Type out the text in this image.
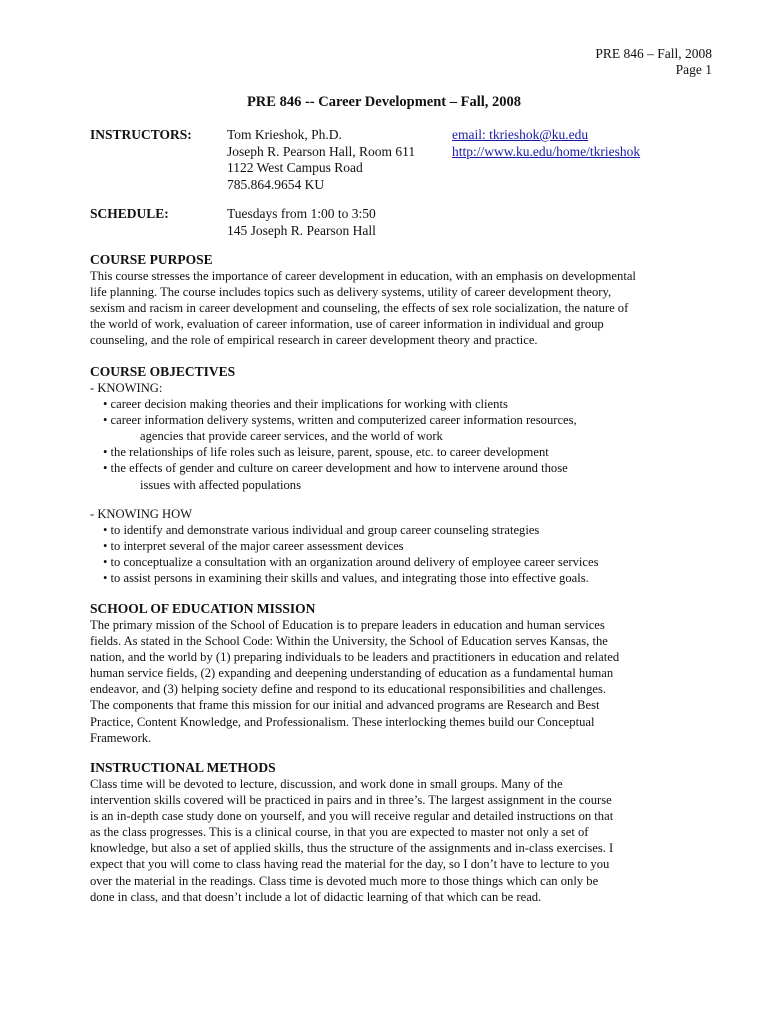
PRE 846 – Fall, 2008
Page 1
PRE 846 -- Career Development – Fall, 2008
INSTRUCTORS:	Tom Krieshok, Ph.D.
Joseph R. Pearson Hall, Room 611
1122 West Campus Road
785.864.9654 KU
email: tkrieshok@ku.edu
http://www.ku.edu/home/tkrieshok
SCHEDULE:	Tuesdays from 1:00 to 3:50
145 Joseph R. Pearson Hall
COURSE PURPOSE
This course stresses the importance of career development in education, with an emphasis on developmental
life planning. The course includes topics such as delivery systems, utility of career development theory,
sexism and racism in career development and counseling, the effects of sex role socialization, the nature of
the world of work, evaluation of career information, use of career information in individual and group
counseling, and the role of empirical research in career development theory and practice.
COURSE OBJECTIVES
- KNOWING:
• career decision making theories and their implications for working with clients
• career information delivery systems, written and computerized career information resources,
agencies that provide career services, and the world of work
• the relationships of life roles such as leisure, parent, spouse, etc. to career development
• the effects of gender and culture on career development and how to intervene around those
issues with affected populations
- KNOWING HOW
• to identify and demonstrate various individual and group career counseling strategies
• to interpret several of the major career assessment devices
• to conceptualize a consultation with an organization around delivery of employee career services
• to assist persons in examining their skills and values, and integrating those into effective goals.
SCHOOL OF EDUCATION MISSION
The primary mission of the School of Education is to prepare leaders in education and human services
fields. As stated in the School Code: Within the University, the School of Education serves Kansas, the
nation, and the world by (1) preparing individuals to be leaders and practitioners in education and related
human service fields, (2) expanding and deepening understanding of education as a fundamental human
endeavor, and (3) helping society define and respond to its educational responsibilities and challenges.
The components that frame this mission for our initial and advanced programs are Research and Best
Practice, Content Knowledge, and Professionalism. These interlocking themes build our Conceptual
Framework.
INSTRUCTIONAL METHODS
Class time will be devoted to lecture, discussion, and work done in small groups. Many of the
intervention skills covered will be practiced in pairs and in three’s. The largest assignment in the course
is an in-depth case study done on yourself, and you will receive regular and detailed instructions on that
as the class progresses. This is a clinical course, in that you are expected to master not only a set of
knowledge, but also a set of applied skills, thus the structure of the assignments and in-class exercises. I
expect that you will come to class having read the material for the day, so I don’t have to lecture to you
over the material in the readings. Class time is devoted much more to those things which can only be
done in class, and that doesn’t include a lot of didactic learning of that which can be read.
